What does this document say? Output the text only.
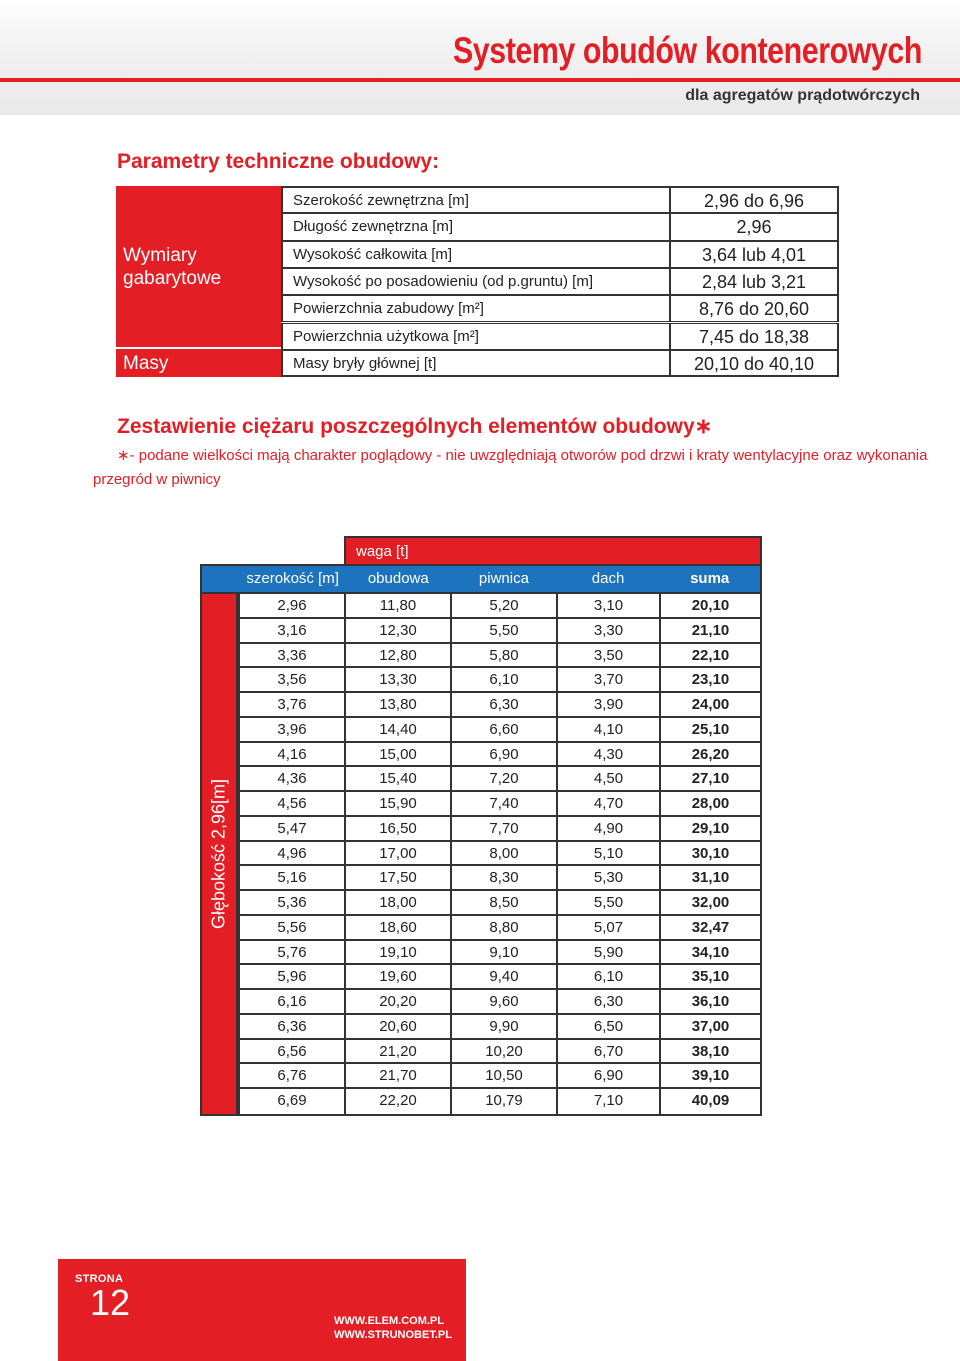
Systemy obudów kontenerowych
dla agregatów prądotwórczych
Parametry techniczne obudowy:
Wymiary gabarytowe
Masy
Szerokość zewnętrzna [m]	2,96 do 6,96
Długość zewnętrzna [m]	2,96
Wysokość całkowita [m]	3,64 lub 4,01
Wysokość po posadowieniu (od p.gruntu) [m]	2,84 lub 3,21
Powierzchnia zabudowy [m²]	8,76 do 20,60
Powierzchnia użytkowa [m²]	7,45 do 18,38
Masy bryły głównej [t]	20,10 do 40,10
Zestawienie ciężaru poszczególnych elementów obudowy∗
∗- podane wielkości mają charakter poglądowy - nie uwzględniają otworów pod drzwi i kraty wentylacyjne oraz wykonania
przegród w piwnicy
waga [t]
szerokość [m]	obudowa	piwnica	dach	suma
Głębokość 2,96[m]
2,96	11,80	5,20	3,10	20,10
3,16	12,30	5,50	3,30	21,10
3,36	12,80	5,80	3,50	22,10
3,56	13,30	6,10	3,70	23,10
3,76	13,80	6,30	3,90	24,00
3,96	14,40	6,60	4,10	25,10
4,16	15,00	6,90	4,30	26,20
4,36	15,40	7,20	4,50	27,10
4,56	15,90	7,40	4,70	28,00
5,47	16,50	7,70	4,90	29,10
4,96	17,00	8,00	5,10	30,10
5,16	17,50	8,30	5,30	31,10
5,36	18,00	8,50	5,50	32,00
5,56	18,60	8,80	5,07	32,47
5,76	19,10	9,10	5,90	34,10
5,96	19,60	9,40	6,10	35,10
6,16	20,20	9,60	6,30	36,10
6,36	20,60	9,90	6,50	37,00
6,56	21,20	10,20	6,70	38,10
6,76	21,70	10,50	6,90	39,10
6,69	22,20	10,79	7,10	40,09
STRONA
12	WWW.ELEM.COM.PL
WWW.STRUNOBET.PL
